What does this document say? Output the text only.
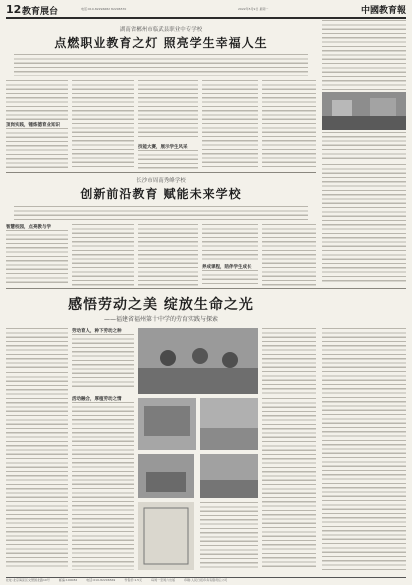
12 教育展台	电话:010-82296682 82296570	2022年5月9日 星期一	中國教育報
湖南省郴州市临武县职业中专学校
点燃职业教育之灯 照亮学生幸福人生
顶岗实践，锤炼德育业知识
技能大赛，展示学生风采
长沙市周南秀峰学校
创新前沿教育 赋能未来学校
智慧校园，点亮教与学
养成课程，陪伴学生成长
感悟劳动之美 绽放生命之光
——福建省福州第十中学的劳育实践与探索
劳动育人，种下劳动之种
活动融合，厚植劳动之情
社址:北京海淀区文慧园北路10号	邮编:100082	电话:010-82296569	零售价:1.5元	每周一至周六出版	印刷:人民日报印务有限责任公司
